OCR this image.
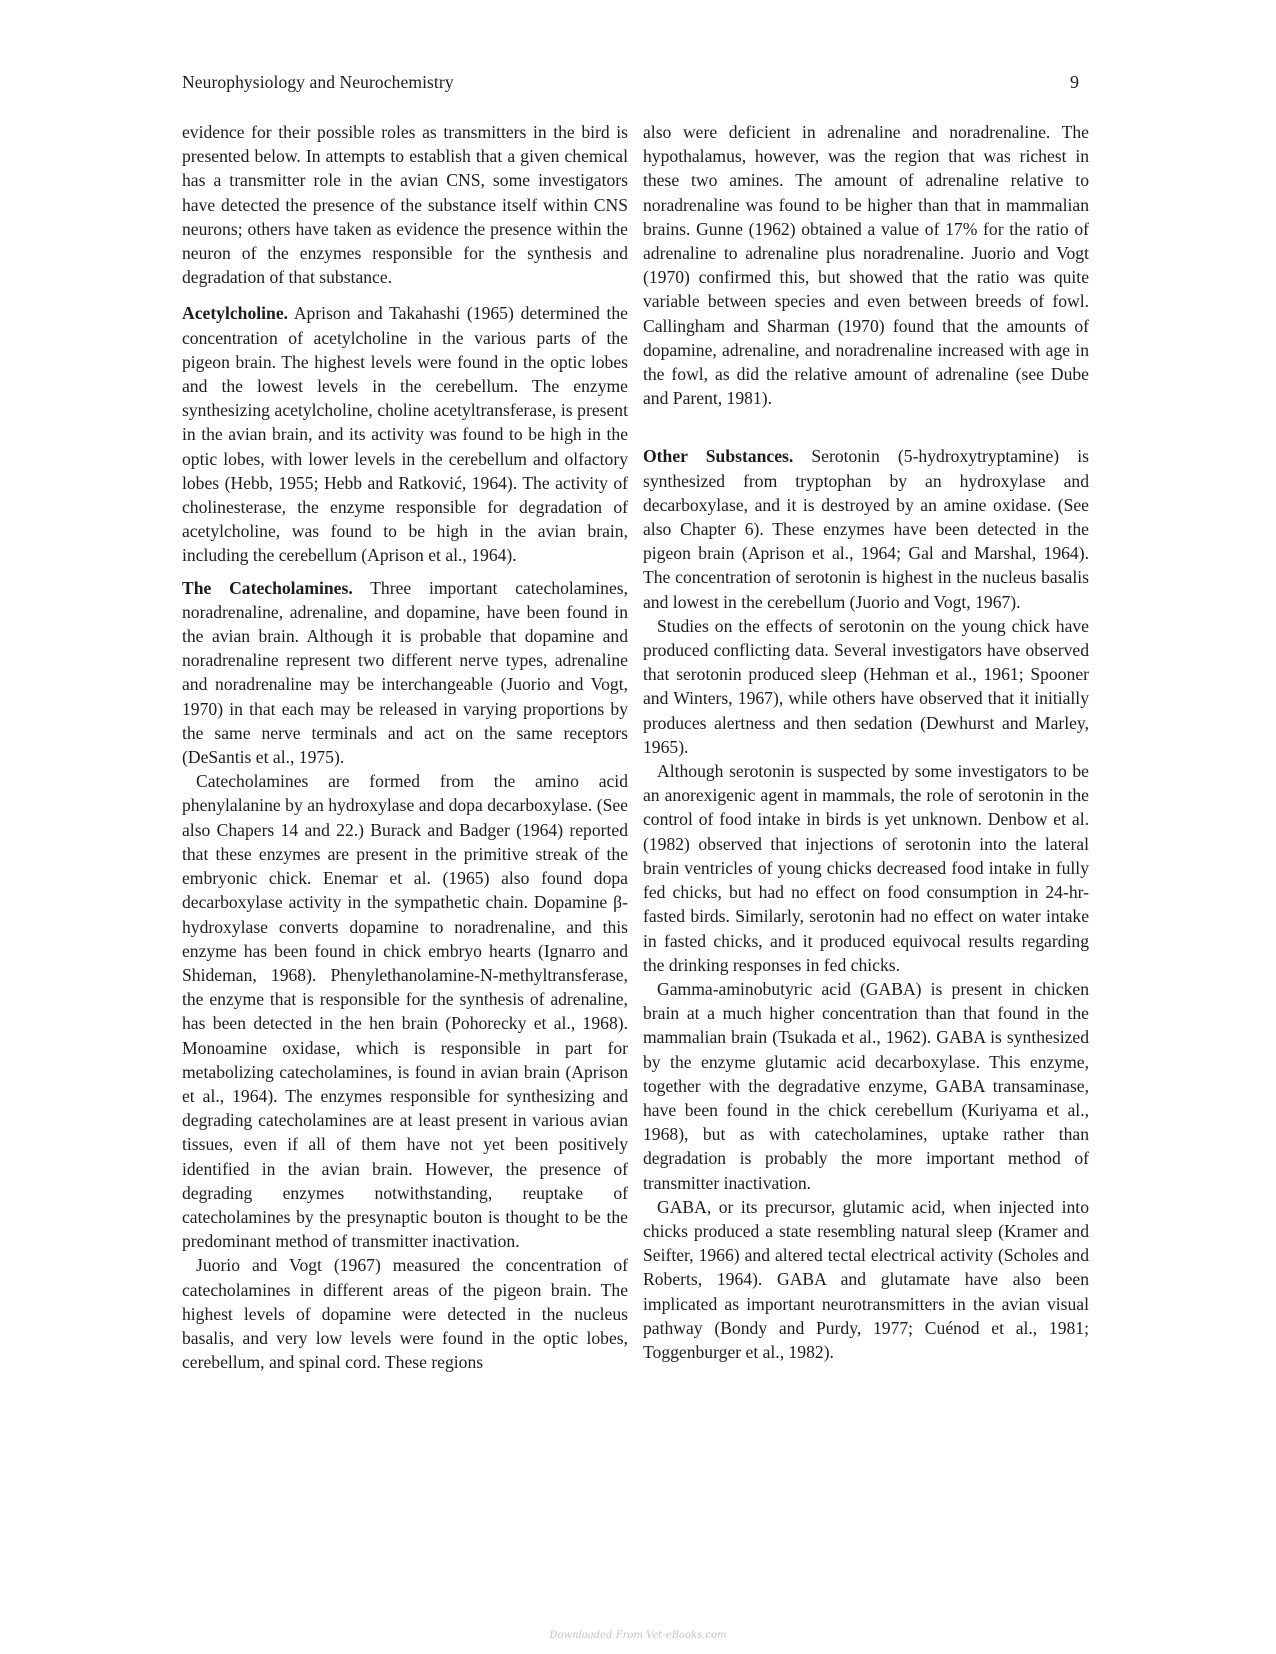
Neurophysiology and Neurochemistry	9

evidence for their possible roles as transmitters in the bird is presented below. In attempts to establish that a given chemical has a transmitter role in the avian CNS, some investigators have detected the presence of the substance itself within CNS neurons; others have taken as evidence the presence within the neuron of the enzymes responsible for the synthesis and degradation of that substance.

Acetylcholine. Aprison and Takahashi (1965) determined the concentration of acetylcholine in the various parts of the pigeon brain. The highest levels were found in the optic lobes and the lowest levels in the cerebellum. The enzyme synthesizing acetylcholine, choline acetyltransferase, is present in the avian brain, and its activity was found to be high in the optic lobes, with lower levels in the cerebellum and olfactory lobes (Hebb, 1955; Hebb and Ratković, 1964). The activity of cholinesterase, the enzyme responsible for degradation of acetylcholine, was found to be high in the avian brain, including the cerebellum (Aprison et al., 1964).

The Catecholamines. Three important catecholamines, noradrenaline, adrenaline, and dopamine, have been found in the avian brain. Although it is probable that dopamine and noradrenaline represent two different nerve types, adrenaline and noradrenaline may be interchangeable (Juorio and Vogt, 1970) in that each may be released in varying proportions by the same nerve terminals and act on the same receptors (DeSantis et al., 1975).

Catecholamines are formed from the amino acid phenylalanine by an hydroxylase and dopa decarboxylase. (See also Chapers 14 and 22.) Burack and Badger (1964) reported that these enzymes are present in the primitive streak of the embryonic chick. Enemar et al. (1965) also found dopa decarboxylase activity in the sympathetic chain. Dopamine β-hydroxylase converts dopamine to noradrenaline, and this enzyme has been found in chick embryo hearts (Ignarro and Shideman, 1968). Phenylethanolamine-N-methyltransferase, the enzyme that is responsible for the synthesis of adrenaline, has been detected in the hen brain (Pohorecky et al., 1968). Monoamine oxidase, which is responsible in part for metabolizing catecholamines, is found in avian brain (Aprison et al., 1964). The enzymes responsible for synthesizing and degrading catecholamines are at least present in various avian tissues, even if all of them have not yet been positively identified in the avian brain. However, the presence of degrading enzymes notwithstanding, reuptake of catecholamines by the presynaptic bouton is thought to be the predominant method of transmitter inactivation.

Juorio and Vogt (1967) measured the concentration of catecholamines in different areas of the pigeon brain. The highest levels of dopamine were detected in the nucleus basalis, and very low levels were found in the optic lobes, cerebellum, and spinal cord. These regions

also were deficient in adrenaline and noradrenaline. The hypothalamus, however, was the region that was richest in these two amines. The amount of adrenaline relative to noradrenaline was found to be higher than that in mammalian brains. Gunne (1962) obtained a value of 17% for the ratio of adrenaline to adrenaline plus noradrenaline. Juorio and Vogt (1970) confirmed this, but showed that the ratio was quite variable between species and even between breeds of fowl. Callingham and Sharman (1970) found that the amounts of dopamine, adrenaline, and noradrenaline increased with age in the fowl, as did the relative amount of adrenaline (see Dube and Parent, 1981).

Other Substances. Serotonin (5-hydroxytryptamine) is synthesized from tryptophan by an hydroxylase and decarboxylase, and it is destroyed by an amine oxidase. (See also Chapter 6). These enzymes have been detected in the pigeon brain (Aprison et al., 1964; Gal and Marshal, 1964). The concentration of serotonin is highest in the nucleus basalis and lowest in the cerebellum (Juorio and Vogt, 1967).

Studies on the effects of serotonin on the young chick have produced conflicting data. Several investigators have observed that serotonin produced sleep (Hehman et al., 1961; Spooner and Winters, 1967), while others have observed that it initially produces alertness and then sedation (Dewhurst and Marley, 1965).

Although serotonin is suspected by some investigators to be an anorexigenic agent in mammals, the role of serotonin in the control of food intake in birds is yet unknown. Denbow et al. (1982) observed that injections of serotonin into the lateral brain ventricles of young chicks decreased food intake in fully fed chicks, but had no effect on food consumption in 24-hr-fasted birds. Similarly, serotonin had no effect on water intake in fasted chicks, and it produced equivocal results regarding the drinking responses in fed chicks.

Gamma-aminobutyric acid (GABA) is present in chicken brain at a much higher concentration than that found in the mammalian brain (Tsukada et al., 1962). GABA is synthesized by the enzyme glutamic acid decarboxylase. This enzyme, together with the degradative enzyme, GABA transaminase, have been found in the chick cerebellum (Kuriyama et al., 1968), but as with catecholamines, uptake rather than degradation is probably the more important method of transmitter inactivation.

GABA, or its precursor, glutamic acid, when injected into chicks produced a state resembling natural sleep (Kramer and Seifter, 1966) and altered tectal electrical activity (Scholes and Roberts, 1964). GABA and glutamate have also been implicated as important neurotransmitters in the avian visual pathway (Bondy and Purdy, 1977; Cuénod et al., 1981; Toggenburger et al., 1982).

Downloaded From Vet-eBooks.com
